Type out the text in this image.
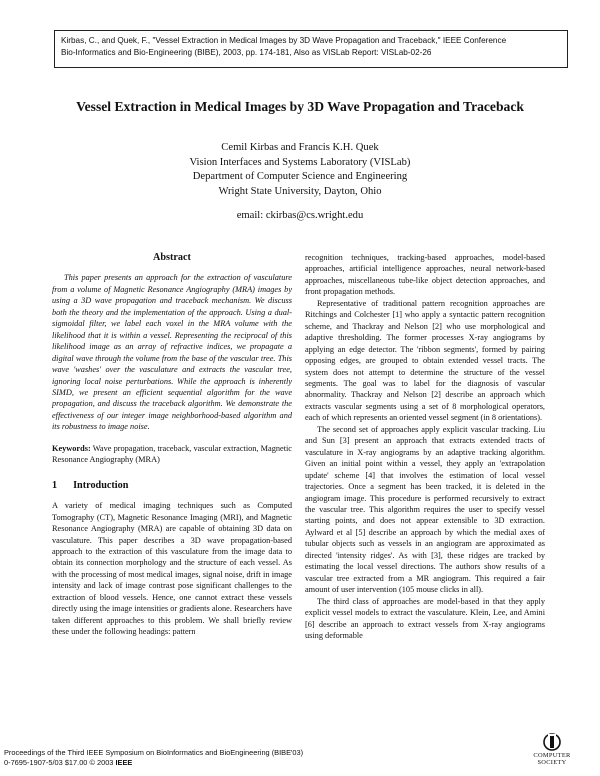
Kirbas, C., and Quek, F., "Vessel Extraction in Medical Images by 3D Wave Propagation and Traceback," IEEE Conference
Bio-Informatics and Bio-Engineering (BIBE), 2003, pp. 174-181, Also as VISLab Report: VISLab-02-26
Vessel Extraction in Medical Images by 3D Wave Propagation and Traceback
Cemil Kirbas and Francis K.H. Quek
Vision Interfaces and Systems Laboratory (VISLab)
Department of Computer Science and Engineering
Wright State University, Dayton, Ohio
email: ckirbas@cs.wright.edu

Abstract

This paper presents an approach for the extraction of vasculature from a volume of Magnetic Resonance Angiography (MRA) images by using a 3D wave propagation and traceback mechanism. We discuss both the theory and the implementation of the approach. Using a dual-sigmoidal filter, we label each voxel in the MRA volume with the likelihood that it is within a vessel. Representing the reciprocal of this likelihood image as an array of refractive indices, we propagate a digital wave through the volume from the base of the vascular tree. This wave 'washes' over the vasculature and extracts the vascular tree, ignoring local noise perturbations. While the approach is inherently SIMD, we present an efficient sequential algorithm for the wave propagation, and discuss the traceback algorithm. We demonstrate the effectiveness of our integer image neighborhood-based algorithm and its robustness to image noise.

Keywords: Wave propagation, traceback, vascular extraction, Magnetic Resonance Angiography (MRA)

1 Introduction

A variety of medical imaging techniques such as Computed Tomography (CT), Magnetic Resonance Imaging (MRI), and Magnetic Resonance Angiography (MRA) are capable of obtaining 3D data on vasculature. This paper describes a 3D wave propagation-based approach to the extraction of this vasculature from the image data to obtain its connection morphology and the structure of each vessel. As with the processing of most medical images, signal noise, drift in image intensity and lack of image contrast pose significant challenges to the extraction of blood vessels. Hence, one cannot extract these vessels directly using the image intensities or gradients alone. Researchers have taken different approaches to this problem. We shall briefly review these under the following headings: pattern

recognition techniques, tracking-based approaches, model-based approaches, artificial intelligence approaches, neural network-based approaches, miscellaneous tube-like object detection approaches, and front propagation methods.

Representative of traditional pattern recognition approaches are Ritchings and Colchester [1] who apply a syntactic pattern recognition scheme, and Thackray and Nelson [2] who use morphological and adaptive thresholding. The former processes X-ray angiograms by applying an edge detector. The 'ribbon segments', formed by pairing opposing edges, are grouped to obtain extended vessel tracts. The system does not attempt to determine the structure of the vessel segments. The goal was to label for the diagnosis of vascular abnormality. Thackray and Nelson [2] describe an approach which extracts vascular segments using a set of 8 morphological operators, each of which represents an oriented vessel segment (in 8 orientations).

The second set of approaches apply explicit vascular tracking. Liu and Sun [3] present an approach that extracts extended tracts of vasculature in X-ray angiograms by an adaptive tracking algorithm. Given an initial point within a vessel, they apply an 'extrapolation update' scheme [4] that involves the estimation of local vessel trajectories. Once a segment has been tracked, it is deleted in the angiogram image. This procedure is performed recursively to extract the vascular tree. This algorithm requires the user to specify vessel starting points, and does not appear extensible to 3D extraction. Aylward et al [5] describe an approach by which the medial axes of tubular objects such as vessels in an angiogram are approximated as directed 'intensity ridges'. As with [3], these ridges are tracked by estimating the local vessel directions. The authors show results of a vascular tree extracted from a MR angiogram. This required a fair amount of user intervention (105 mouse clicks in all).

The third class of approaches are model-based in that they apply explicit vessel models to extract the vasculature. Klein, Lee, and Amini [6] describe an approach to extract vessels from X-ray angiograms using deformable

Proceedings of the Third IEEE Symposium on BioInformatics and BioEngineering (BIBE'03)
0-7695-1907-5/03 $17.00 © 2003 IEEE
COMPUTER
SOCIETY
